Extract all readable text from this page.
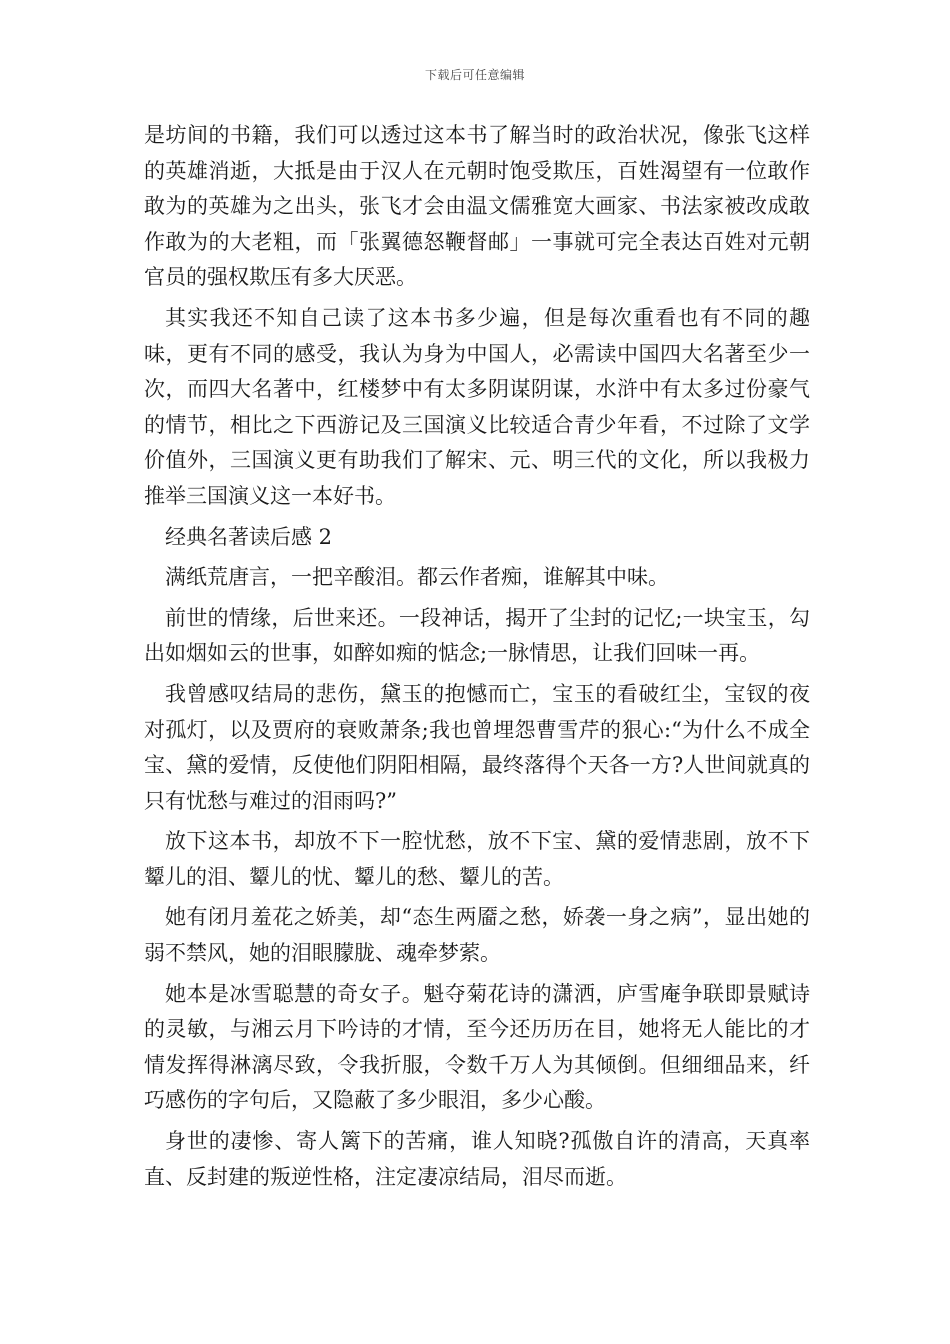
下载后可任意编辑

是坊间的书籍，我们可以透过这本书了解当时的政治状况，像张飞这样的英雄消逝，大抵是由于汉人在元朝时饱受欺压，百姓渴望有一位敢作敢为的英雄为之出头，张飞才会由温文儒雅宽大画家、书法家被改成敢作敢为的大老粗，而「张翼德怒鞭督邮」一事就可完全表达百姓对元朝官员的强权欺压有多大厌恶。

其实我还不知自己读了这本书多少遍，但是每次重看也有不同的趣味，更有不同的感受，我认为身为中国人，必需读中国四大名著至少一次，而四大名著中，红楼梦中有太多阴谋阴谋，水浒中有太多过份豪气的情节，相比之下西游记及三国演义比较适合青少年看，不过除了文学价值外，三国演义更有助我们了解宋、元、明三代的文化，所以我极力推举三国演义这一本好书。

经典名著读后感 2

满纸荒唐言，一把辛酸泪。都云作者痴，谁解其中味。

前世的情缘，后世来还。一段神话，揭开了尘封的记忆;一块宝玉，勾出如烟如云的世事，如醉如痴的惦念;一脉情思，让我们回味一再。

我曾感叹结局的悲伤，黛玉的抱憾而亡，宝玉的看破红尘，宝钗的夜对孤灯，以及贾府的衰败萧条;我也曾埋怨曹雪芹的狠心:“为什么不成全宝、黛的爱情，反使他们阴阳相隔，最终落得个天各一方?人世间就真的只有忧愁与难过的泪雨吗?”

放下这本书，却放不下一腔忧愁，放不下宝、黛的爱情悲剧，放不下颦儿的泪、颦儿的忧、颦儿的愁、颦儿的苦。

她有闭月羞花之娇美，却“态生两靥之愁，娇袭一身之病”，显出她的弱不禁风，她的泪眼朦胧、魂牵梦萦。

她本是冰雪聪慧的奇女子。魁夺菊花诗的潇洒，庐雪庵争联即景赋诗的灵敏，与湘云月下吟诗的才情，至今还历历在目，她将无人能比的才情发挥得淋漓尽致，令我折服，令数千万人为其倾倒。但细细品来，纤巧感伤的字句后，又隐蔽了多少眼泪，多少心酸。

身世的凄惨、寄人篱下的苦痛，谁人知晓?孤傲自许的清高，天真率直、反封建的叛逆性格，注定凄凉结局，泪尽而逝。
